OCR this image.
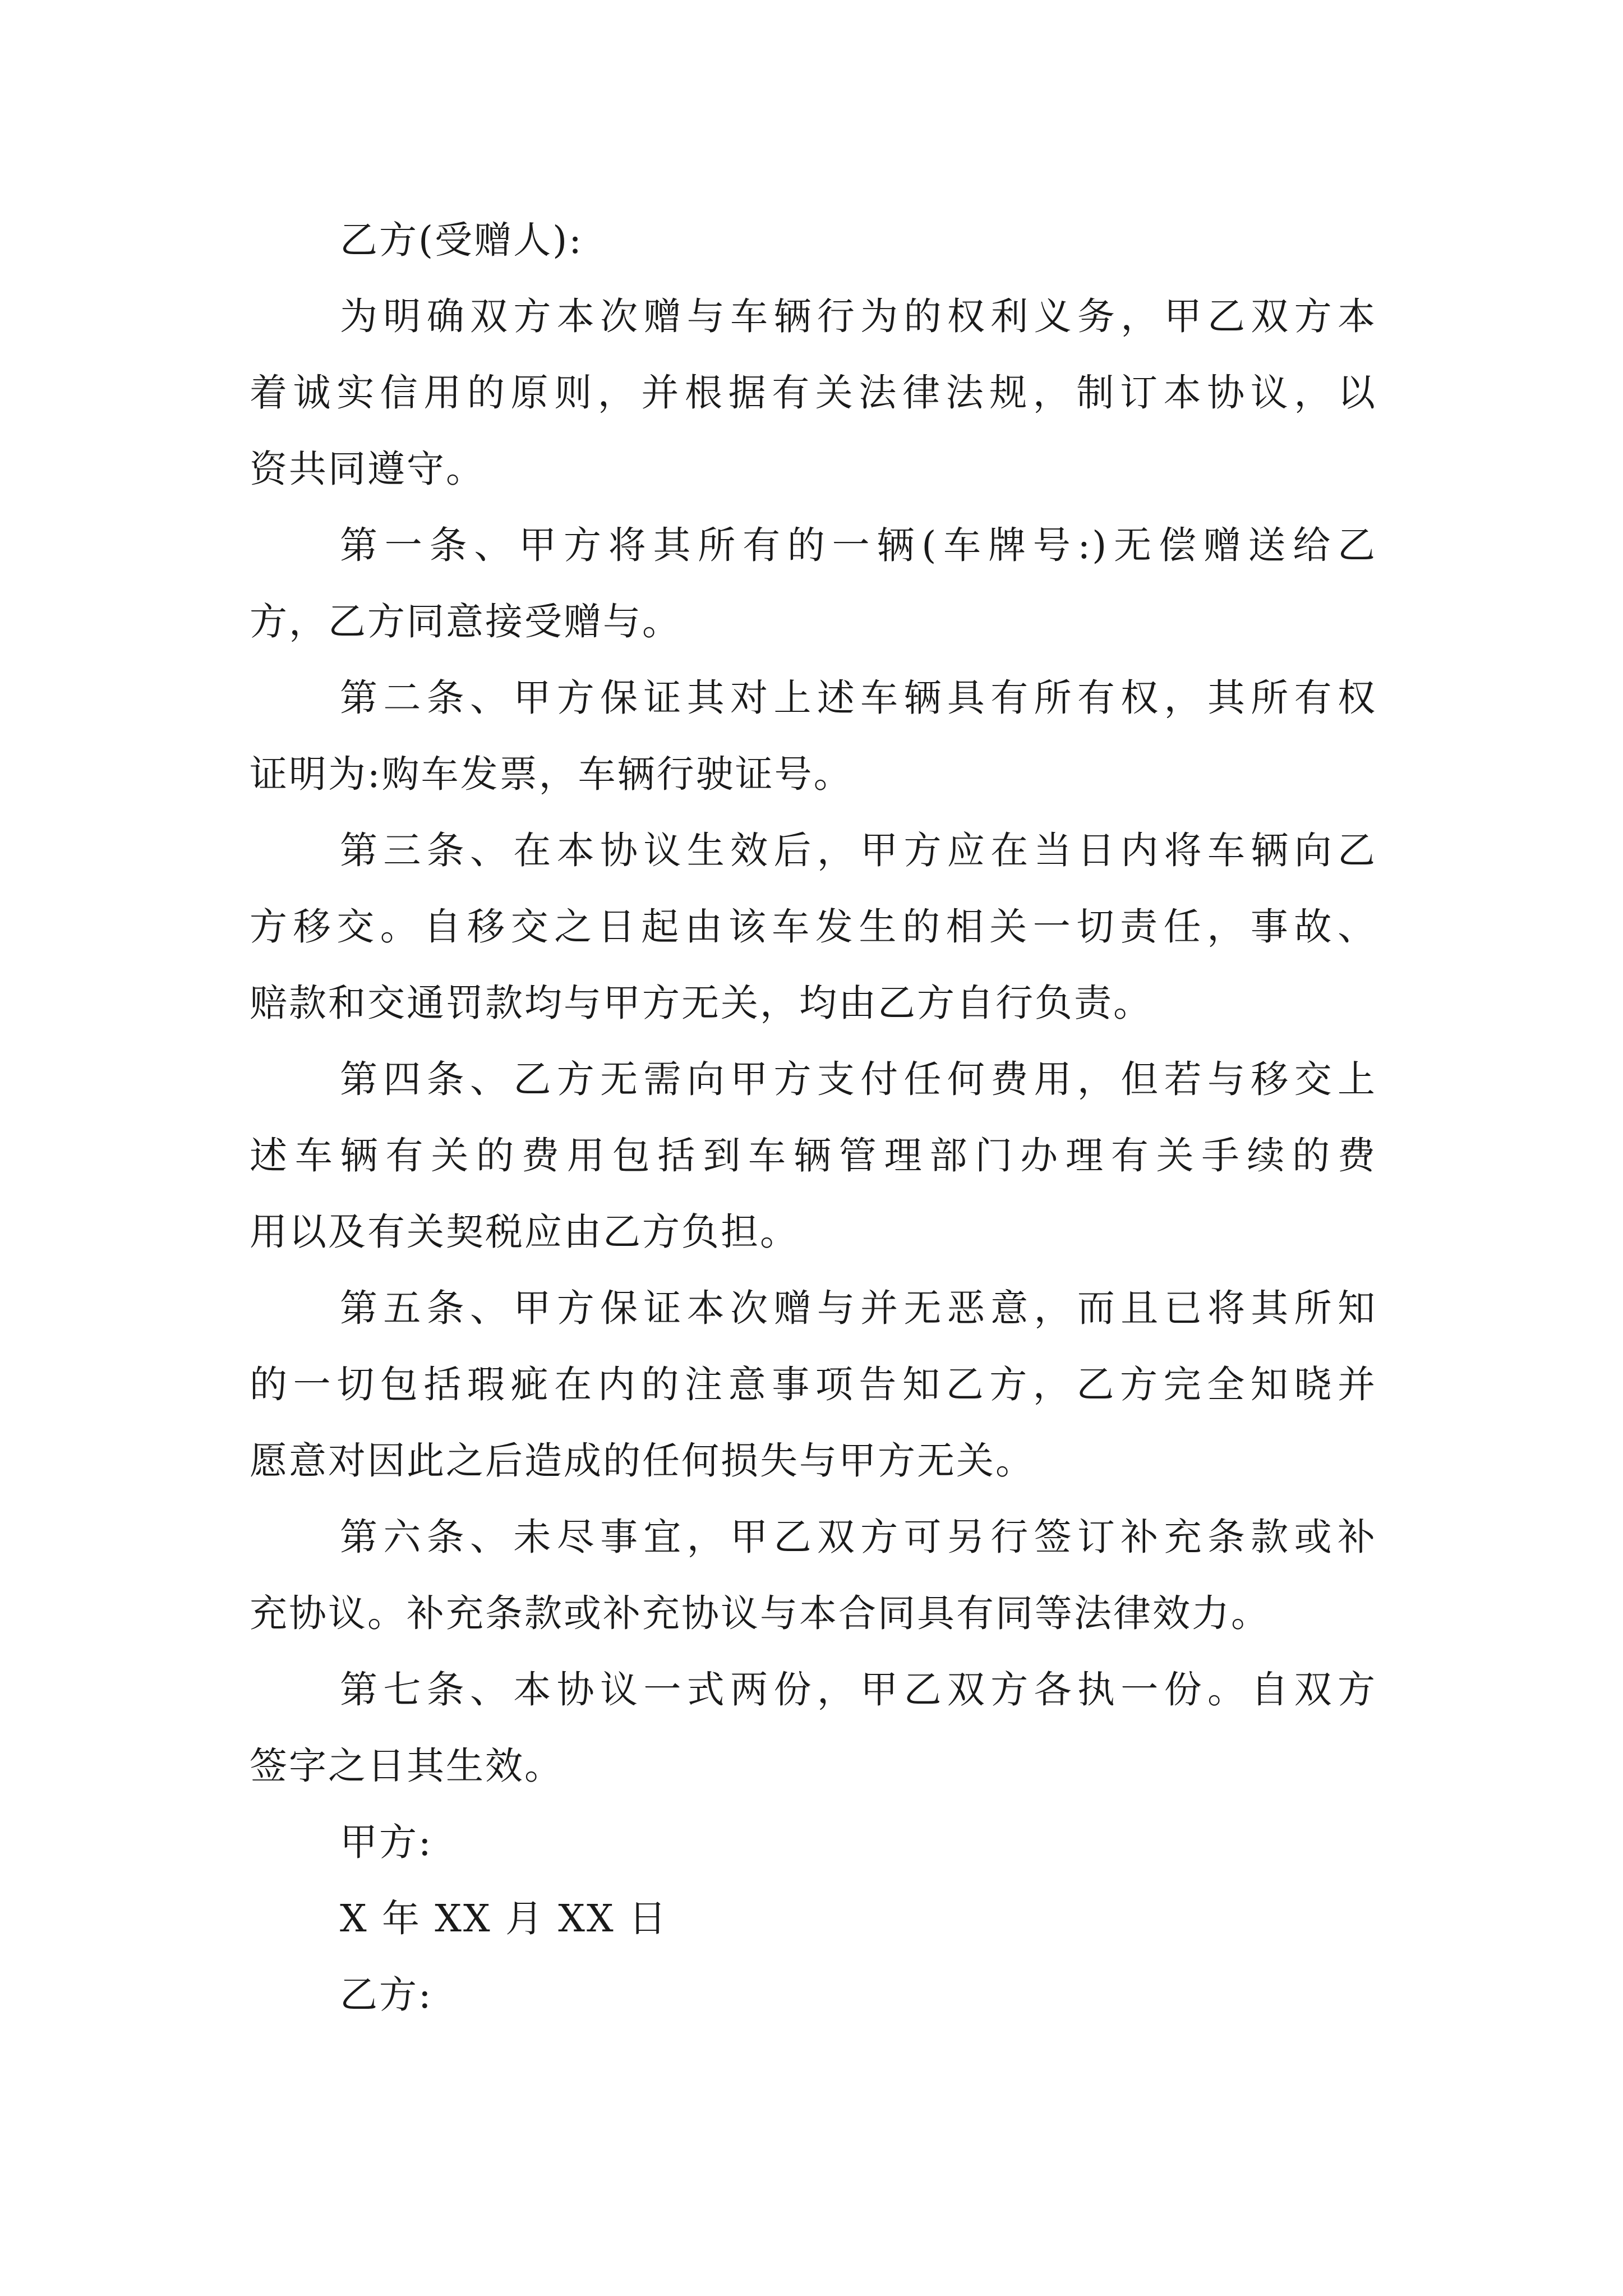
乙方(受赠人):
为明确双方本次赠与车辆行为的权利义务，甲乙双方本
着诚实信用的原则，并根据有关法律法规，制订本协议，以
资共同遵守。
第一条、甲方将其所有的一辆(车牌号:)无偿赠送给乙
方，乙方同意接受赠与。
第二条、甲方保证其对上述车辆具有所有权，其所有权
证明为:购车发票，车辆行驶证号。
第三条、在本协议生效后，甲方应在当日内将车辆向乙
方移交。自移交之日起由该车发生的相关一切责任，事故、
赔款和交通罚款均与甲方无关，均由乙方自行负责。
第四条、乙方无需向甲方支付任何费用，但若与移交上
述车辆有关的费用包括到车辆管理部门办理有关手续的费
用以及有关契税应由乙方负担。
第五条、甲方保证本次赠与并无恶意，而且已将其所知
的一切包括瑕疵在内的注意事项告知乙方，乙方完全知晓并
愿意对因此之后造成的任何损失与甲方无关。
第六条、未尽事宜，甲乙双方可另行签订补充条款或补
充协议。补充条款或补充协议与本合同具有同等法律效力。
第七条、本协议一式两份，甲乙双方各执一份。自双方
签字之日其生效。
甲方:
X 年 XX 月 XX 日
乙方:
